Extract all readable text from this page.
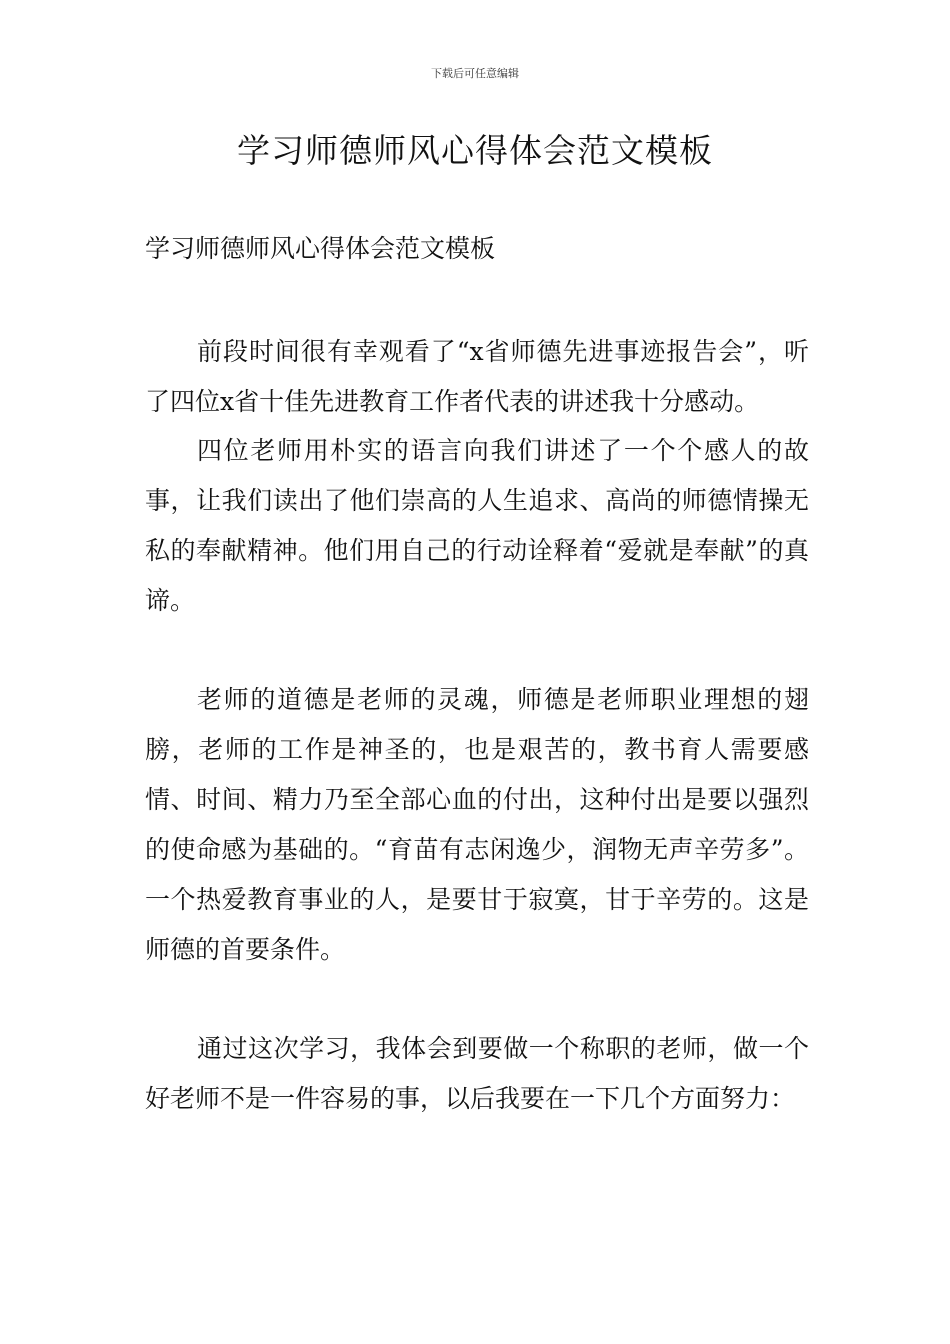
下载后可任意编辑
学习师德师风心得体会范文模板

学习师德师风心得体会范文模板

前段时间很有幸观看了“x省师德先进事迹报告会”，听了四位x省十佳先进教育工作者代表的讲述我十分感动。

四位老师用朴实的语言向我们讲述了一个个感人的故事，让我们读出了他们崇高的人生追求、高尚的师德情操无私的奉献精神。他们用自己的行动诠释着“爱就是奉献”的真谛。

老师的道德是老师的灵魂，师德是老师职业理想的翅膀，老师的工作是神圣的，也是艰苦的，教书育人需要感情、时间、精力乃至全部心血的付出，这种付出是要以强烈的使命感为基础的。“育苗有志闲逸少，润物无声辛劳多”。一个热爱教育事业的人，是要甘于寂寞，甘于辛劳的。这是师德的首要条件。

通过这次学习，我体会到要做一个称职的老师，做一个好老师不是一件容易的事，以后我要在一下几个方面努力：
